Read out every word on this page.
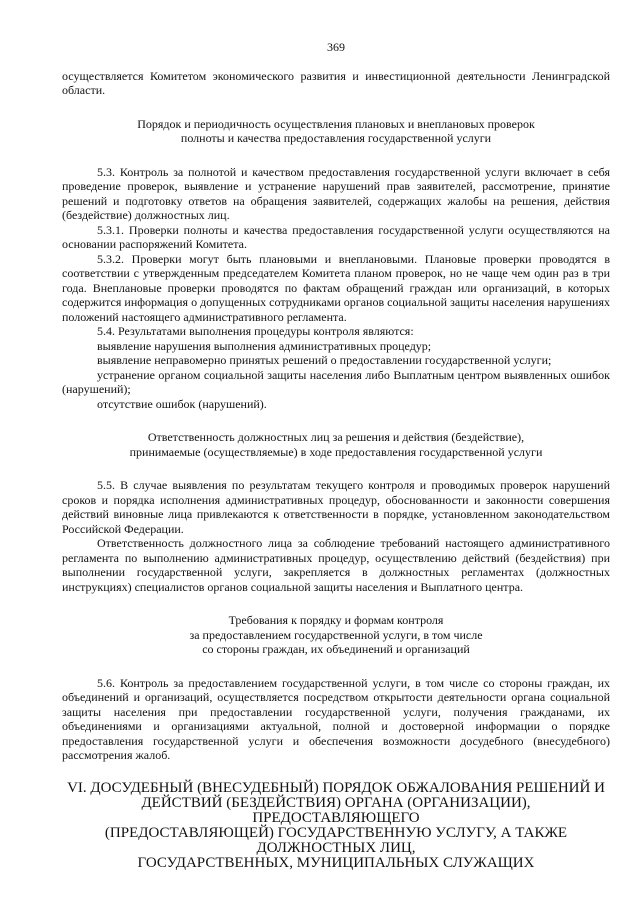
369

осуществляется Комитетом экономического развития и инвестиционной деятельности Ленинградской области.

Порядок и периодичность осуществления плановых и внеплановых проверок

полноты и качества предоставления государственной услуги

5.3. Контроль за полнотой и качеством предоставления государственной услуги включает в себя проведение проверок, выявление и устранение нарушений прав заявителей, рассмотрение, принятие решений и подготовку ответов на обращения заявителей, содержащих жалобы на решения, действия (бездействие) должностных лиц.

5.3.1. Проверки полноты и качества предоставления государственной услуги осуществляются на основании распоряжений Комитета.

5.3.2. Проверки могут быть плановыми и внеплановыми. Плановые проверки проводятся в соответствии с утвержденным председателем Комитета планом проверок, но не чаще чем один раз в три года. Внеплановые проверки проводятся по фактам обращений граждан или организаций, в которых содержится информация о допущенных сотрудниками органов социальной защиты населения нарушениях положений настоящего административного регламента.

5.4. Результатами выполнения процедуры контроля являются:

выявление нарушения выполнения административных процедур;

выявление неправомерно принятых решений о предоставлении государственной услуги;

устранение органом социальной защиты населения либо Выплатным центром выявленных ошибок (нарушений);

отсутствие ошибок (нарушений).

Ответственность должностных лиц за решения и действия (бездействие),

принимаемые (осуществляемые) в ходе предоставления государственной услуги

5.5. В случае выявления по результатам текущего контроля и проводимых проверок нарушений сроков и порядка исполнения административных процедур, обоснованности и законности совершения действий виновные лица привлекаются к ответственности в порядке, установленном законодательством Российской Федерации.

Ответственность должностного лица за соблюдение требований настоящего административного регламента по выполнению административных процедур, осуществлению действий (бездействия) при выполнении государственной услуги, закрепляется в должностных регламентах (должностных инструкциях) специалистов органов социальной защиты населения и Выплатного центра.

Требования к порядку и формам контроля

за предоставлением государственной услуги, в том числе

со стороны граждан, их объединений и организаций

5.6. Контроль за предоставлением государственной услуги, в том числе со стороны граждан, их объединений и организаций, осуществляется посредством открытости деятельности органа социальной защиты населения при предоставлении государственной услуги, получения гражданами, их объединениями и организациями актуальной, полной и достоверной информации о порядке предоставления государственной услуги и обеспечения возможности досудебного (внесудебного) рассмотрения жалоб.

VI. ДОСУДЕБНЫЙ (ВНЕСУДЕБНЫЙ) ПОРЯДОК ОБЖАЛОВАНИЯ РЕШЕНИЙ И

ДЕЙСТВИЙ (БЕЗДЕЙСТВИЯ) ОРГАНА (ОРГАНИЗАЦИИ), ПРЕДОСТАВЛЯЮЩЕГО

(ПРЕДОСТАВЛЯЮЩЕЙ) ГОСУДАРСТВЕННУЮ УСЛУГУ, А ТАКЖЕ ДОЛЖНОСТНЫХ ЛИЦ,

ГОСУДАРСТВЕННЫХ, МУНИЦИПАЛЬНЫХ СЛУЖАЩИХ
